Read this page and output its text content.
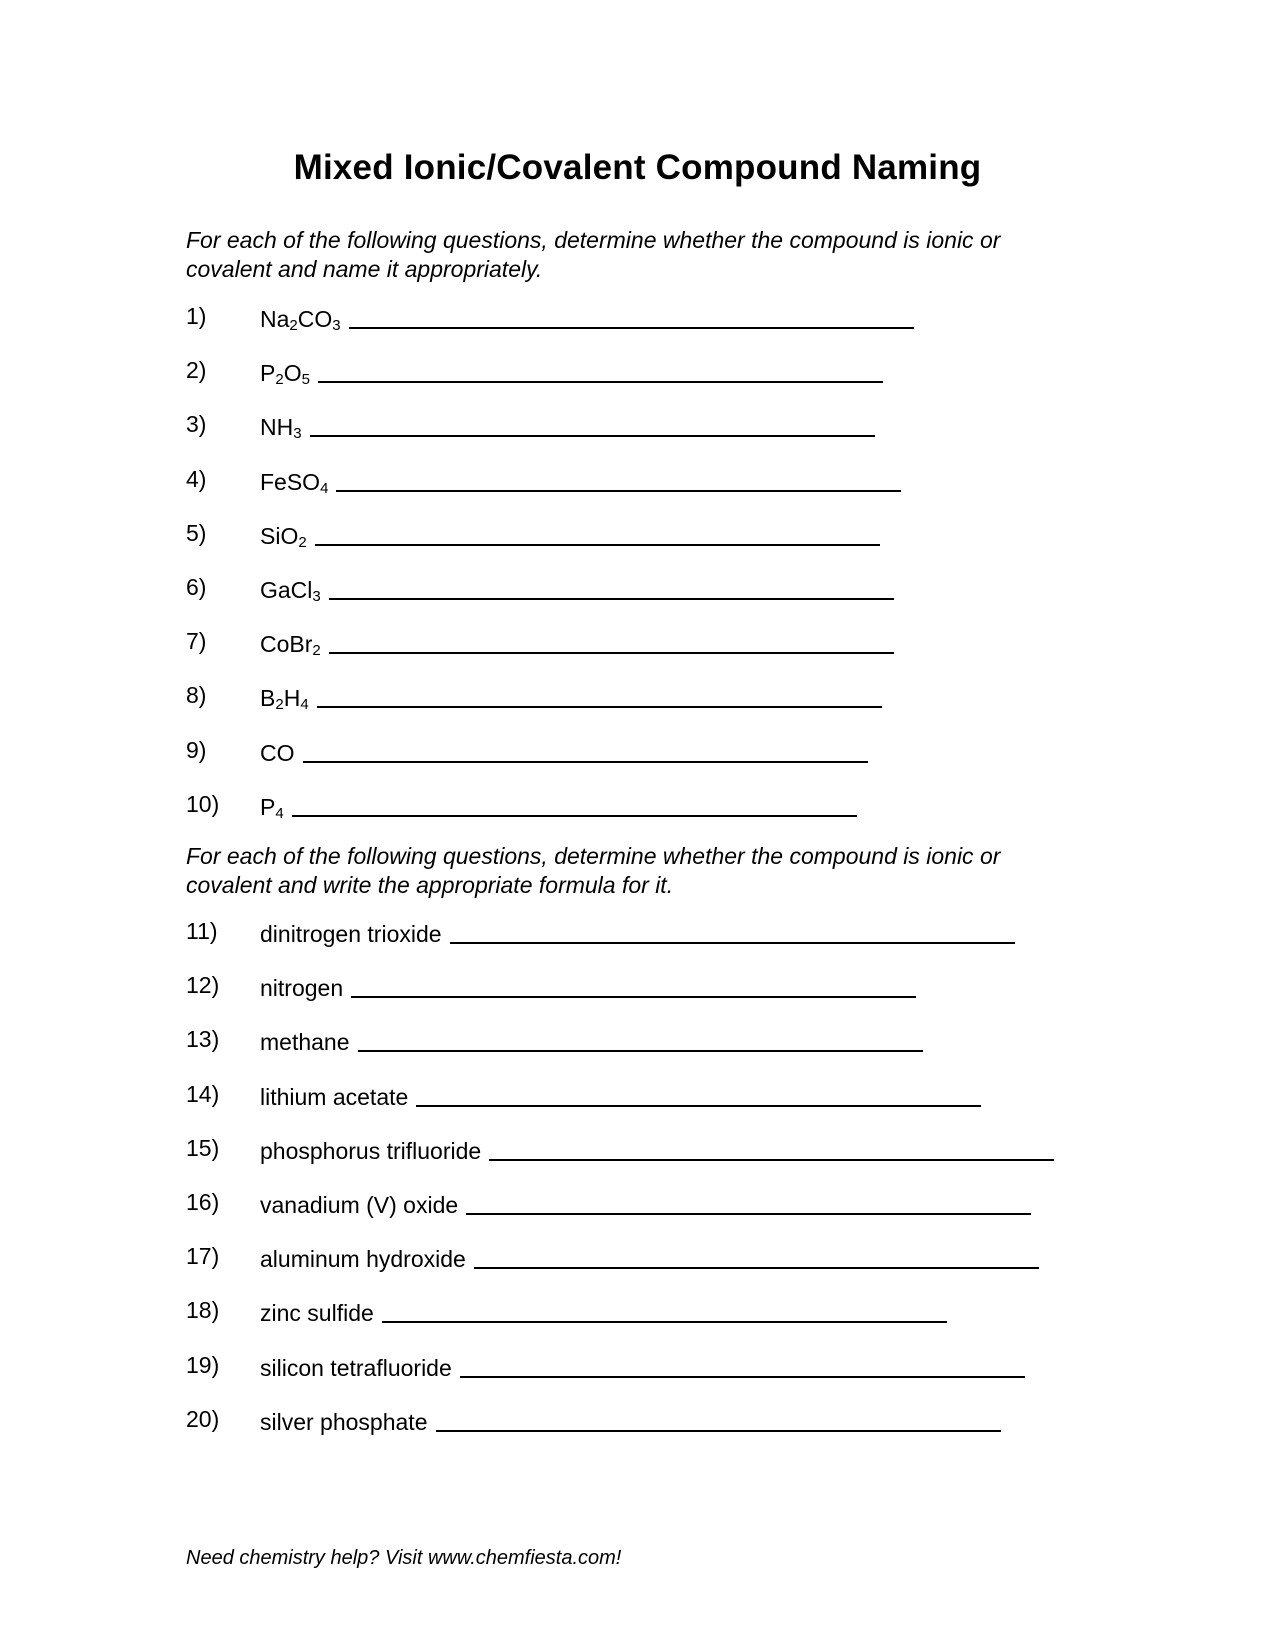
Mixed Ionic/Covalent Compound Naming
For each of the following questions, determine whether the compound is ionic or covalent and name it appropriately.
1) $Na_2CO_3$
2) $P_2O_5$
3) $NH_3$
4) FeSO$_4$
5) SiO$_2$
6) GaCl$_3$
7) CoBr$_2$
8) $B_2H_4$
9) CO
10) $P_4$
For each of the following questions, determine whether the compound is ionic or covalent and write the appropriate formula for it.
11) dinitrogen trioxide
12) nitrogen
13) methane
14) lithium acetate
15) phosphorus trifluoride
16) vanadium (V) oxide
17) aluminum hydroxide
18) zinc sulfide
19) silicon tetrafluoride
20) silver phosphate
Need chemistry help? Visit www.chemfiesta.com!
